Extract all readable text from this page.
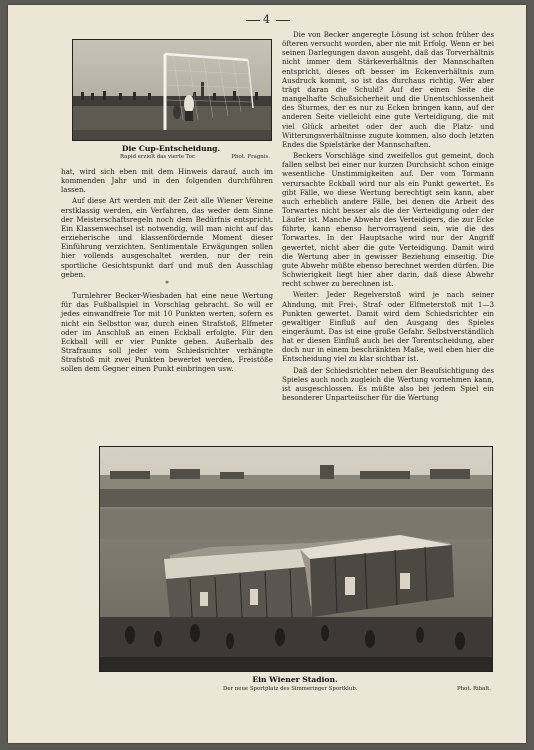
4
Die Cup-Entscheidung.
Rapid erzielt das vierte Tor.	Phot. Fragnis.

hat, wird sich eben mit dem Hinweis darauf, auch im kommenden Jahr und in den folgenden durchführen lassen.

Auf diese Art werden mit der Zeit alle Wiener Vereine erstklassig werden, ein Verfahren, das weder dem Sinne der Meisterschaftsregeln noch dem Bedürfnis entspricht. Ein Klassenwechsel ist notwendig, will man nicht auf das erzieherische und klassenfördernde Moment dieser Einführung verzichten. Sentimentale Erwägungen sollen hier vollends ausgeschaltet werden, nur der rein sportliche Gesichtspunkt darf und muß den Ausschlag geben.

*

Turnlehrer Becker-Wiesbaden hat eine neue Wertung für das Fußballspiel in Vorschlag gebracht. So will er jedes einwandfreie Tor mit 10 Punkten werten, sofern es nicht ein Selbsttor war, durch einen Strafstoß, Elfmeter oder im Anschluß an einen Eckball erfolgte. Für den Eckball will er vier Punkte geben. Außerhalb des Strafraums soll jeder vom Schiedsrichter verhängte Strafstoß mit zwei Punkten bewertet werden, Freistöße sollen dem Gegner einen Punkt einbringen usw.

Die von Becker angeregte Lösung ist schon früher des öfteren versucht worden, aber nie mit Erfolg. Wenn er bei seinen Darlegungen davon ausgeht, daß das Torverhältnis nicht immer dem Stärkeverhältnis der Mannschaften entspricht, dieses oft besser im Eckenverhältnis zum Ausdruck kommt, so ist das durchaus richtig. Wer aber trägt daran die Schuld? Auf der einen Seite die mangelhafte Schußsicherheit und die Unentschlossenheit des Sturmes, der es nur zu Ecken bringen kann, auf der anderen Seite vielleicht eine gute Verteidigung, die mit viel Glück arbeitet oder der auch die Platz- und Witterungsverhältnisse zugute kommen, also doch letzten Endes die Spielstärke der Mannschaften.

Beckers Vorschläge sind zweifellos gut gemeint, doch fallen selbst bei einer nur kurzen Durchsicht schon einige wesentliche Unstimmigkeiten auf. Der vom Tormann verursachte Eckball wird nur als ein Punkt gewertet. Es gibt Fälle, wo diese Wertung berechtigt sein kann, aber auch erheblich andere Fälle, bei denen die Arbeit des Torwartes nicht besser als die der Verteidigung oder der Läufer ist. Manche Abwehr des Verteidigers, die zur Ecke führte, kann ebenso hervorragend sein, wie die des Torwartes. In der Hauptsache wird nur der Angriff gewertet, nicht aber die gute Verteidigung. Damit wird die Wertung aber in gewisser Beziehung einseitig. Die gute Abwehr müßte ebenso berechnet werden dürfen. Die Schwierigkeit liegt hier aber darin, daß diese Abwehr recht schwer zu berechnen ist.

Weiter: Jeder Regelverstoß wird je nach seiner Ahndung, mit Frei-, Straf- oder Elfmeterstoß mit 1—3 Punkten gewertet. Damit wird dem Schiedsrichter ein gewaltiger Einfluß auf den Ausgang des Spieles eingeräumt. Das ist eine große Gefahr. Selbstverständlich hat er diesen Einfluß auch bei der Torentscheidung, aber doch nur in einem beschränkten Maße, weil eben hier die Entscheidung viel zu klar sichtbar ist.

Daß der Schiedsrichter neben der Beaufsichtigung des Spieles auch noch zugleich die Wertung vornehmen kann, ist ausgeschlossen. Es müßte also bei jedem Spiel ein besonderer Unparteiischer für die Wertung

Ein Wiener Stadion.
Der neue Sportplatz des Simmeringer Sportklub.	Phot. Ribalt.
